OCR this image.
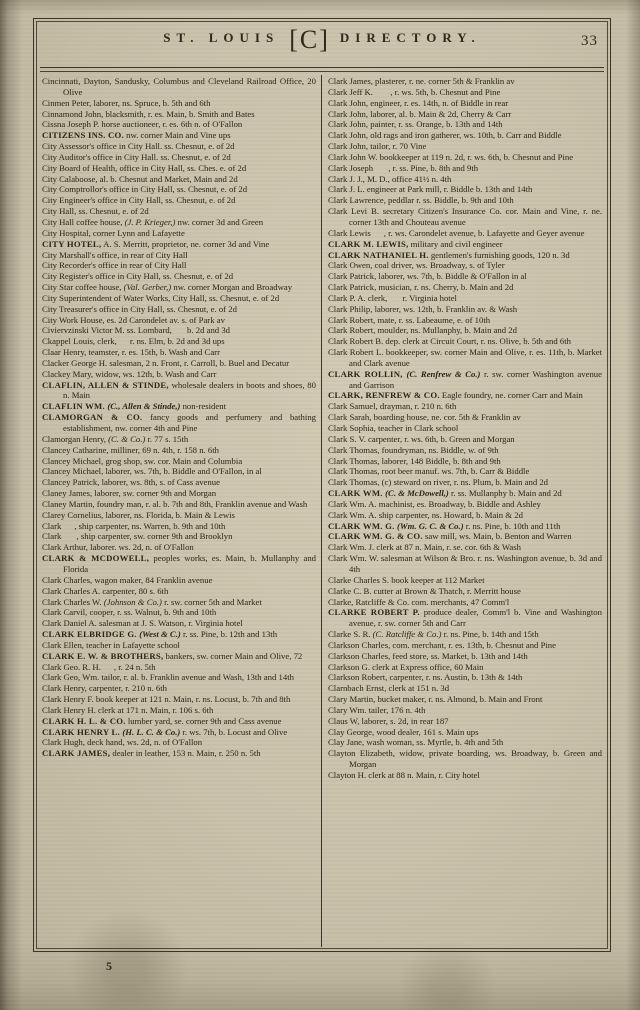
$^{ST. LOUIS}$ [C] $^{DIRECTORY.}$	33
Cincinnati, Dayton, Sandusky, Columbus and Cleveland Railroad Office, 20 Olive
Cinmen Peter, laborer, ns. Spruce, b. 5th and 6th
Cinnamond John, blacksmith, r. es. Main, b. Smith and Bates
Cissna Joseph P. horse auctioneer, r. es. 6th n. of O'Fallon
CITIZENS INS. CO. nw. corner Main and Vine ups
City Assessor's office in City Hall. ss. Chesnut, e. of 2d
City Auditor's office in City Hall. ss. Chesnut, e. of 2d
City Board of Health, office in City Hall, ss. Ches. e. of 2d
City Calaboose, al. b. Chesnut and Market, Main and 2d
City Comptrollor's office in City Hall, ss. Chesnut, e. of 2d
City Engineer's office in City Hall, ss. Chesnut, e. of 2d
City Hall, ss. Chesnut, e. of 2d
City Hall coffee house, (J. P. Krieger,) nw. corner 3d and Green
City Hospital, corner Lynn and Lafayette
CITY HOTEL, A. S. Merritt, proprietor, ne. corner 3d and Vine
City Marshall's office, in rear of City Hall
City Recorder's office in rear of City Hall
City Register's office in City Hall, ss. Chesnut, e. of 2d
City Star coffee house, (Val. Gerber,) nw. corner Morgan and Broadway
City Superintendent of Water Works, City Hall, ss. Chesnut, e. of 2d
City Treasurer's office in City Hall, ss. Chesnut, e. of 2d
City Work House, es. 2d Carondelet av. s. of Park av
Civiervzinski Victor M. ss. Lombard,       b. 2d and 3d
Ckappel Louis, clerk,      r. ns. Elm, b. 2d and 3d ups
Claar Henry, teamster, r. es. 15th, b. Wash and Carr
Clacker George H. salesman, 2 n. Front, r. Carroll, b. Buel and Decatur
Clackey Mary, widow, ws. 12th, b. Wash and Carr
CLAFLIN, ALLEN & STINDE, wholesale dealers in boots and shoes, 80 n. Main
CLAFLIN WM. (C., Allen & Stinde,) non-resident
CLAMORGAN & CO. fancy goods and perfumery and bathing establishment, nw. corner 4th and Pine
Clamorgan Henry, (C. & Co.) r. 77 s. 15th
Clancey Catharine, milliner, 69 n. 4th, r. 158 n. 6th
Clancey Michael, grog shop, sw. cor. Main and Columbia
Clancey Michael, laborer, ws. 7th, b. Biddle and O'Fallon, in al
Clancey Patrick, laborer, ws. 8th, s. of Cass avenue
Claney James, laborer, sw. corner 9th and Morgan
Claney Martin, foundry man, r. al. b. 7th and 8th, Franklin avenue and Wash
Clarey Cornelius, laborer, ns. Florida, b. Main & Lewis
Clark      , ship carpenter, ns. Warren, b. 9th and 10th
Clark       , ship carpenter, sw. corner 9th and Brooklyn
Clark Arthur, laborer. ws. 2d, n. of O'Fallon
CLARK & MCDOWELL, peoples works, es. Main, b. Mullanphy and Florida
Clark Charles, wagon maker, 84 Franklin avenue
Clark Charles A. carpenter, 80 s. 6th
Clark Charles W. (Johnson & Co.) r. sw. corner 5th and Market
Clark Carvil, cooper, r. ss. Walnut, b. 9th and 10th
Clark Daniel A. salesman at J. S. Watson, r. Virginia hotel
CLARK ELBRIDGE G. (West & C.) r. ss. Pine, b. 12th and 13th
Clark Ellen, teacher in Lafayette school
CLARK E. W. & BROTHERS, bankers, sw. corner Main and Olive, 72
Clark Geo. R. H.      , r. 24 n. 5th
Clark Geo, Wm. tailor, r. al. b. Franklin avenue and Wash, 13th and 14th
Clark Henry, carpenter, r. 210 n. 6th
Clark Henry F. book keeper at 121 n. Main, r. ns. Locust, b. 7th and 8th
Clark Henry H. clerk at 171 n. Main, r. 106 s. 6th
CLARK H. L. & CO. lumber yard, se. corner 9th and Cass avenue
CLARK HENRY L. (H. L. C. & Co.) r. ws. 7th, b. Locust and Olive
Clark Hugh, deck hand, ws. 2d, n. of O'Fallon
CLARK JAMES, dealer in leather, 153 n. Main, r. 250 n. 5th
Clark James, plasterer, r. ne. corner 5th & Franklin av
Clark Jeff K.        , r. ws. 5th, b. Chesnut and Pine
Clark John, engineer, r. es. 14th, n. of Biddle in rear
Clark John, laborer, al. b. Main & 2d, Cherry & Carr
Clark John, painter, r. ss. Orange, b. 13th and 14th
Clark John, old rags and iron gatherer, ws. 10th, b. Carr and Biddle
Clark John, tailor, r. 70 Vine
Clark John W. bookkeeper at 119 n. 2d, r. ws. 6th, b. Chesnut and Pine
Clark Joseph       , r. ss. Pine, b. 8th and 9th
Clark J. J., M. D., office 41½ n. 4th
Clark J. L. engineer at Park mill, r. Biddle b. 13th and 14th
Clark Lawrence, peddlar r. ss. Biddle, b. 9th and 10th
Clark Levi B. secretary Citizen's Insurance Co. cor. Main and Vine, r. ne. corner 13th and Chouteau avenue
Clark Lewis      , r. ws. Carondelet avenue, b. Lafayette and Geyer avenue
CLARK M. LEWIS, military and civil engineer
CLARK NATHANIEL H. gentlemen's furnishing goods, 120 n. 3d
Clark Owen, coal driver, ws. Broadway, s. of Tyler
Clark Patrick, laborer, ws. 7th, b. Biddle & O'Fallon in al
Clark Patrick, musician, r. ns. Cherry, b. Main and 2d
Clark P. A. clerk,       r. Virginia hotel
Clark Philip, laborer, ws. 12th, b. Franklin av. & Wash
Clark Robert, mate, r. ss. Labeaume, e. of 10th
Clark Robert, moulder, ns. Mullanphy, b. Main and 2d
Clark Robert B. dep. clerk at Circuit Court, r. ns. Olive, b. 5th and 6th
Clark Robert L. bookkeeper, sw. corner Main and Olive, r. es. 11th, b. Market and Clark avenue
CLARK ROLLIN, (C. Renfrew & Co.) r. sw. corner Washington avenue and Garrison
CLARK, RENFREW & CO. Eagle foundry, ne. corner Carr and Main
Clark Samuel, drayman, r. 210 n. 6th
Clark Sarah, boarding house, ne. cor. 5th & Franklin av
Clark Sophia, teacher in Clark school
Clark S. V. carpenter, r. ws. 6th, b. Green and Morgan
Clark Thomas, foundryman, ns. Biddle, w. of 9th
Clark Thomas, laborer, 148 Biddle, b. 8th and 9th
Clark Thomas, root beer manuf. ws. 7th, b. Carr & Biddle
Clark Thomas, (c) steward on river, r. ns. Plum, b. Main and 2d
CLARK WM. (C. & McDowell,) r. ss. Mullanphy b. Main and 2d
Clark Wm. A. machinist, es. Broadway, b. Biddle and Ashley
Clark Wm. A. ship carpenter, ns. Howard, b. Main & 2d
CLARK WM. G. (Wm. G. C. & Co.) r. ns. Pine, b. 10th and 11th
CLARK WM. G. & CO. saw mill, ws. Main, b. Benton and Warren
Clark Wm. J. clerk at 87 n. Main, r. se. cor. 6th & Wash
Clark Wm. W. salesman at Wilson & Bro. r. ns. Washington avenue, b. 3d and 4th
Clarke Charles S. book keeper at 112 Market
Clarke C. B. cutter at Brown & Thatch, r. Merritt house
Clarke, Ratcliffe & Co. com. merchants, 47 Comm'l
CLARKE ROBERT P. produce dealer, Comm'l b. Vine and Washington avenue, r. sw. corner 5th and Carr
Clarke S. R. (C. Ratcliffe & Co.) r. ns. Pine, b. 14th and 15th
Clarkson Charles, com. merchant, r. es. 13th, b. Chesnut and Pine
Clarkson Charles, feed store, ss. Market, b. 13th and 14th
Clarkson G. clerk at Express office, 60 Main
Clarkson Robert, carpenter, r. ns. Austin, b. 13th & 14th
Clarnbach Ernst, clerk at 151 n. 3d
Clary Martin, bucket maker, r. ns. Almond, b. Main and Front
Clary Wm. tailer, 176 n. 4th
Claus W, laborer, s. 2d, in rear 187
Clay George, wood dealer, 161 s. Main ups
Clay Jane, wash woman, ss. Myrtle, b. 4th and 5th
Clayton Elizabeth, widow, private boarding, ws. Broadway, b. Green and Morgan
Clayton H. clerk at 88 n. Main, r. City hotel
5
